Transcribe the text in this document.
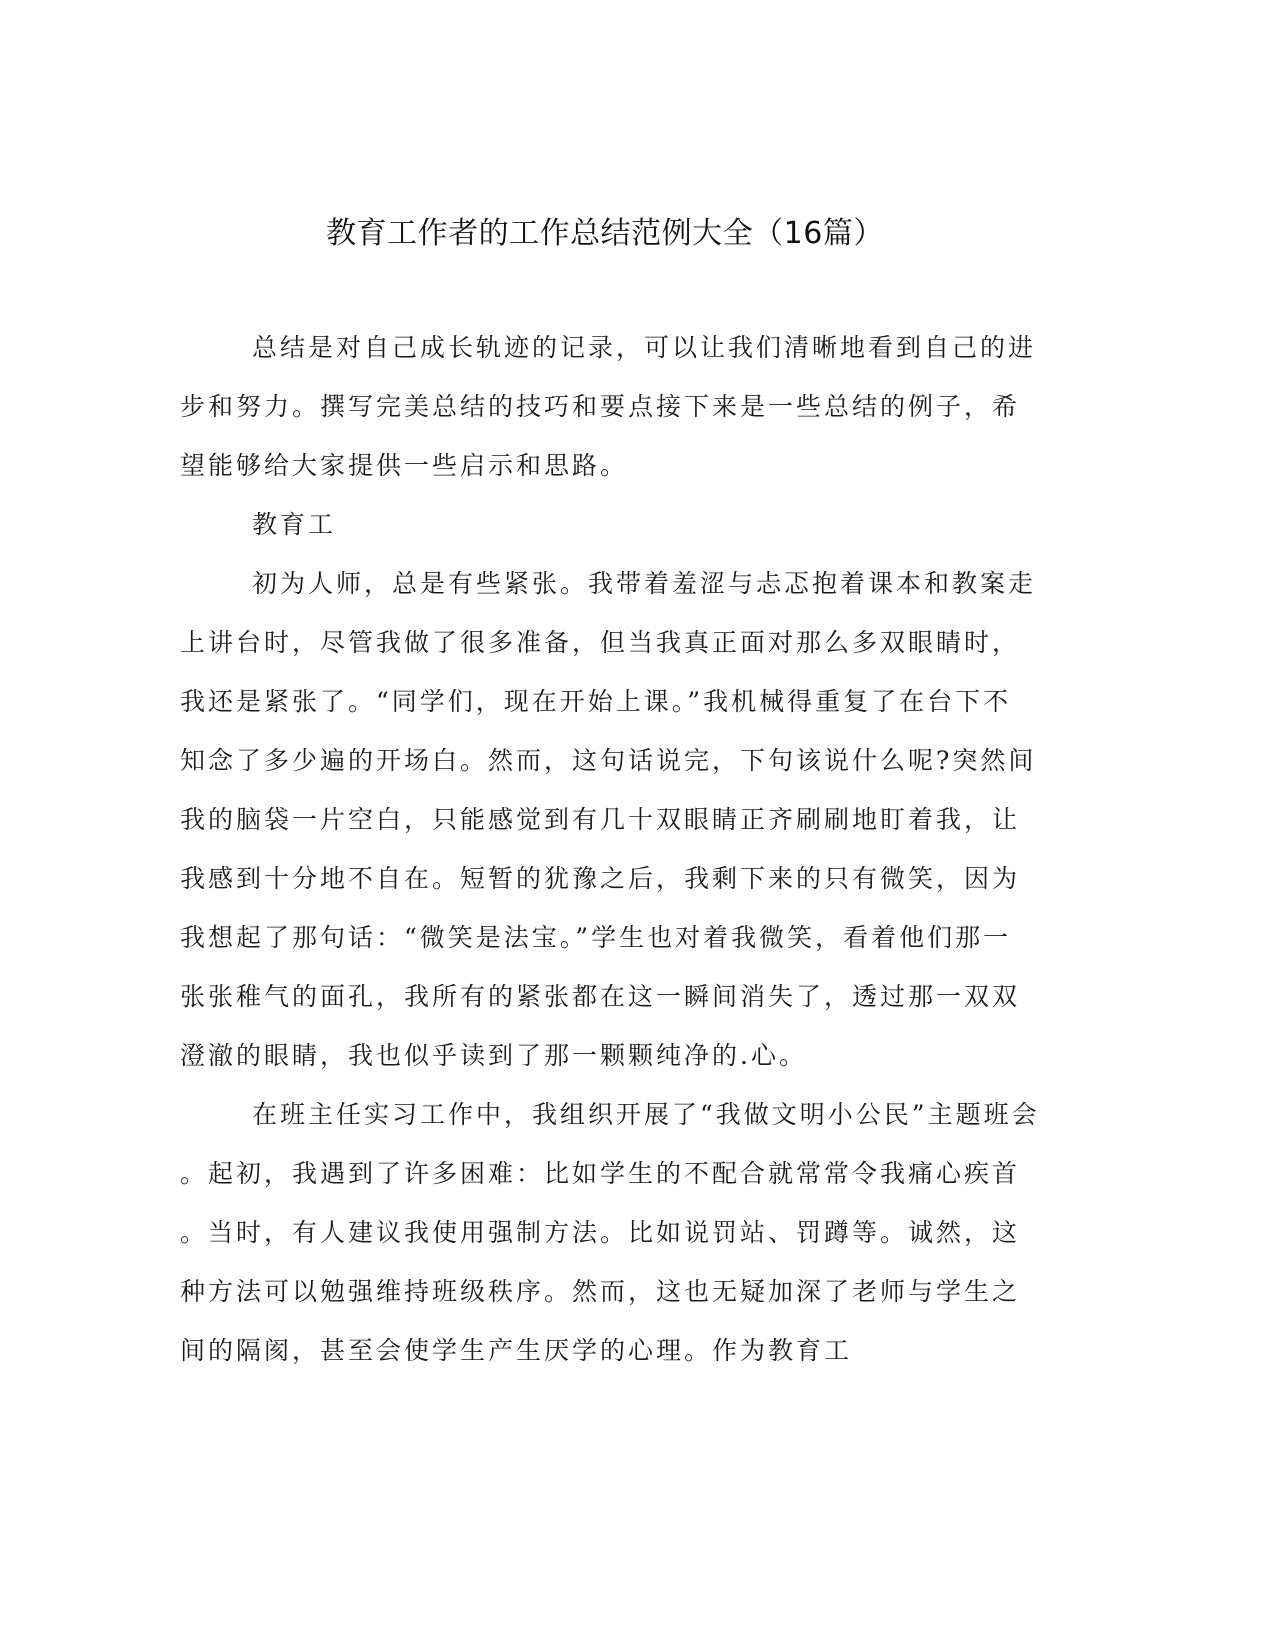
教育工作者的工作总结范例大全（16篇）

总结是对自己成长轨迹的记录，可以让我们清晰地看到自己的进

步和努力。撰写完美总结的技巧和要点接下来是一些总结的例子，希

望能够给大家提供一些启示和思路。

教育工

初为人师，总是有些紧张。我带着羞涩与忐忑抱着课本和教案走

上讲台时，尽管我做了很多准备，但当我真正面对那么多双眼睛时，

我还是紧张了。“同学们，现在开始上课。”我机械得重复了在台下不

知念了多少遍的开场白。然而，这句话说完，下句该说什么呢?突然间

我的脑袋一片空白，只能感觉到有几十双眼睛正齐刷刷地盯着我，让

我感到十分地不自在。短暂的犹豫之后，我剩下来的只有微笑，因为

我想起了那句话：“微笑是法宝。”学生也对着我微笑，看着他们那一

张张稚气的面孔，我所有的紧张都在这一瞬间消失了，透过那一双双

澄澈的眼睛，我也似乎读到了那一颗颗纯净的.心。

在班主任实习工作中，我组织开展了“我做文明小公民”主题班会

。起初，我遇到了许多困难：比如学生的不配合就常常令我痛心疾首

。当时，有人建议我使用强制方法。比如说罚站、罚蹲等。诚然，这

种方法可以勉强维持班级秩序。然而，这也无疑加深了老师与学生之

间的隔阂，甚至会使学生产生厌学的心理。作为教育工
